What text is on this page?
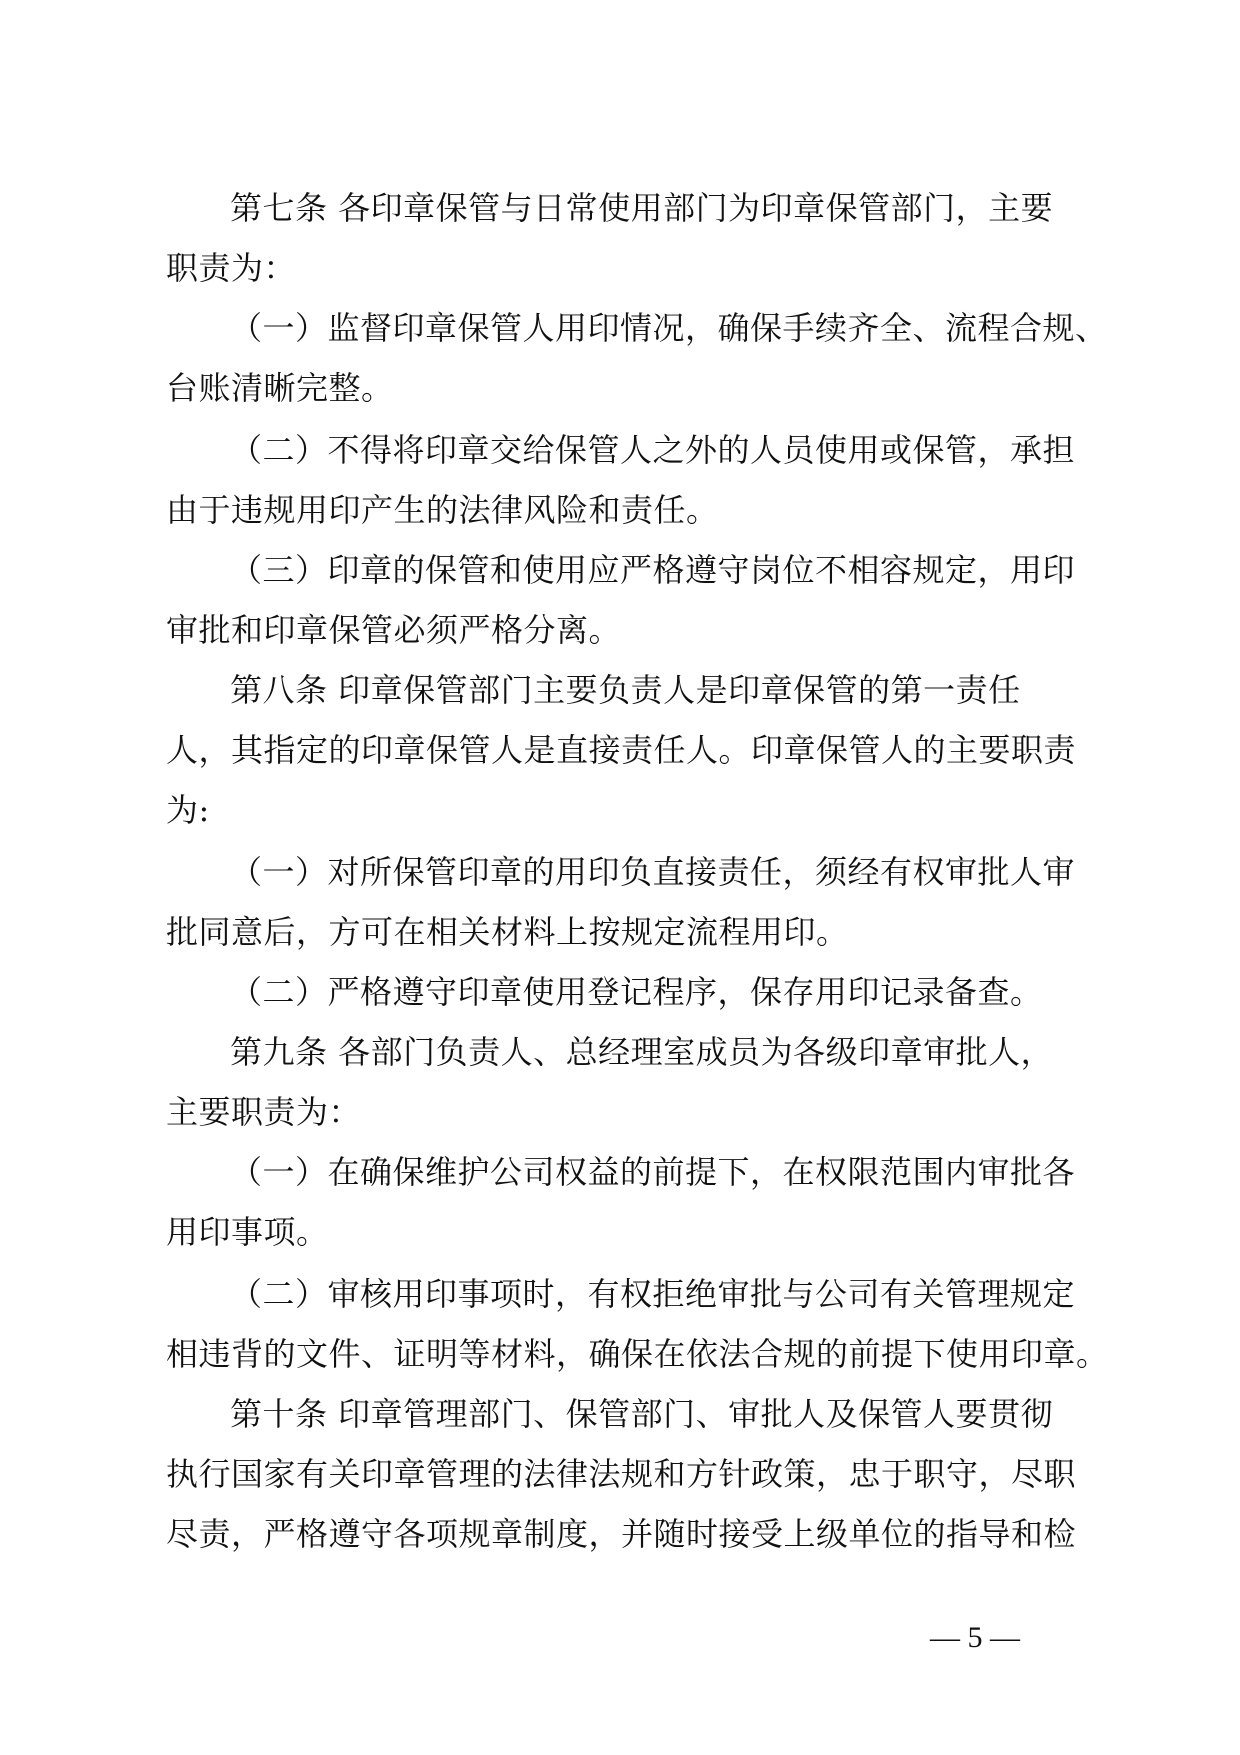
第七条 各印章保管与日常使用部门为印章保管部门，主要
职责为：
（一）监督印章保管人用印情况，确保手续齐全、流程合规、
台账清晰完整。
（二）不得将印章交给保管人之外的人员使用或保管，承担
由于违规用印产生的法律风险和责任。
（三）印章的保管和使用应严格遵守岗位不相容规定，用印
审批和印章保管必须严格分离。
第八条 印章保管部门主要负责人是印章保管的第一责任
人，其指定的印章保管人是直接责任人。印章保管人的主要职责
为:
（一）对所保管印章的用印负直接责任，须经有权审批人审
批同意后，方可在相关材料上按规定流程用印。
（二）严格遵守印章使用登记程序，保存用印记录备查。
第九条 各部门负责人、总经理室成员为各级印章审批人，
主要职责为：
（一）在确保维护公司权益的前提下，在权限范围内审批各
用印事项。
（二）审核用印事项时，有权拒绝审批与公司有关管理规定
相违背的文件、证明等材料，确保在依法合规的前提下使用印章。
第十条 印章管理部门、保管部门、审批人及保管人要贯彻
执行国家有关印章管理的法律法规和方针政策，忠于职守，尽职
尽责，严格遵守各项规章制度，并随时接受上级单位的指导和检
— 5 —
